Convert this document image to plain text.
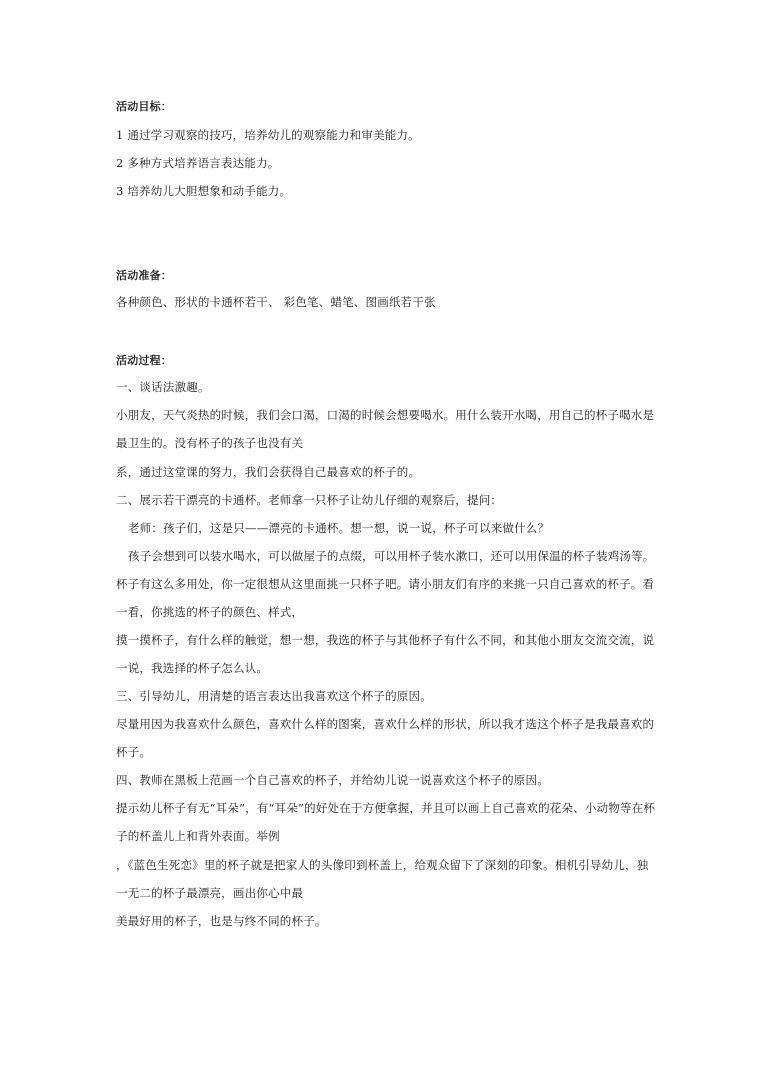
活动目标：
1 通过学习观察的技巧，培养幼儿的观察能力和审美能力。
2 多种方式培养语言表达能力。
3 培养幼儿大胆想象和动手能力。
活动准备：
各种颜色、形状的卡通杯若干、 彩色笔、蜡笔、图画纸若干张
活动过程：
一、谈话法激趣。
小朋友，天气炎热的时候，我们会口渴，口渴的时候会想要喝水。用什么装开水喝，用自己的杯子喝水是
最卫生的。没有杯子的孩子也没有关
系，通过这堂课的努力，我们会获得自己最喜欢的杯子的。
二、展示若干漂亮的卡通杯。老师拿一只杯子让幼儿仔细的观察后，提问：
老师：孩子们，这是只——漂亮的卡通杯。想一想，说一说，杯子可以来做什么？
孩子会想到可以装水喝水，可以做屋子的点缀，可以用杯子装水漱口，还可以用保温的杯子装鸡汤等。
杯子有这么多用处，你一定很想从这里面挑一只杯子吧。请小朋友们有序的来挑一只自己喜欢的杯子。看
一看，你挑选的杯子的颜色、样式，
摸一摸杯子，有什么样的触觉，想一想，我选的杯子与其他杯子有什么不同，和其他小朋友交流交流，说
一说，我选择的杯子怎么认。
三、引导幼儿，用清楚的语言表达出我喜欢这个杯子的原因。
尽量用因为我喜欢什么颜色，喜欢什么样的图案，喜欢什么样的形状，所以我才选这个杯子是我最喜欢的
杯子。
四、教师在黑板上范画一个自己喜欢的杯子，并给幼儿说一说喜欢这个杯子的原因。
提示幼儿杯子有无“耳朵”，有“耳朵”的好处在于方便拿握，并且可以画上自己喜欢的花朵、小动物等在杯
子的杯盖儿上和背外表面。举例
，《蓝色生死恋》里的杯子就是把家人的头像印到杯盖上，给观众留下了深刻的印象。相机引导幼儿，独
一无二的杯子最漂亮，画出你心中最
美最好用的杯子，也是与终不同的杯子。
